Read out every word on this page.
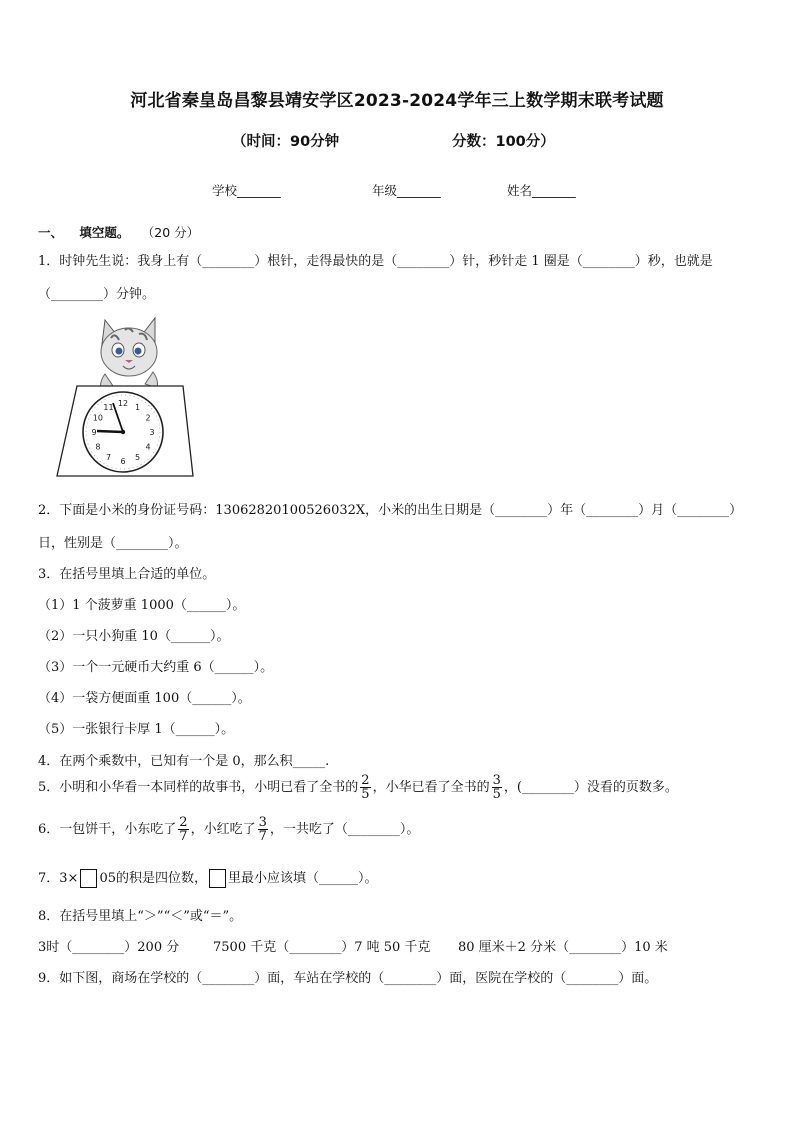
河北省秦皇岛昌黎县靖安学区2023-2024学年三上数学期末联考试题
（时间：90分钟	分数：100分）
学校_______	年级_______	姓名_______
一、 填空题。 （20 分）
1．时钟先生说：我身上有（________）根针，走得最快的是（________）针，秒针走 1 圈是（________）秒，也就是
（________）分钟。
12 1
2
3
4
5
6
7
8
9
10
11
2．下面是小米的身份证号码：13062820100526032X，小米的出生日期是（________）年（________）月（________）
日，性别是（________）。
3．在括号里填上合适的单位。
（1）1 个菠萝重 1000（______）。
（2）一只小狗重 10（______）。
（3）一个一元硬币大约重 6（______）。
（4）一袋方便面重 100（______）。
（5）一张银行卡厚 1（______）。
4．在两个乘数中，已知有一个是 0，那么积_____.
5．小明和小华看一本同样的故事书，小明已看了全书的 $\frac{2}{5}$ ，小华已看了全书的 $\frac{3}{5}$ ，(________）没看的页数多。
6．一包饼干，小东吃了 $\frac{2}{7}$ ，小红吃了 $\frac{3}{7}$ ，一共吃了（________）。
7．3× 05的积是四位数， 里最小应该填（______）。
8．在括号里填上“＞”“＜”或“＝”。
3时（________）200 分	7500 千克（________）7 吨 50 千克 80 厘米＋2 分米（________）10 米
9．如下图，商场在学校的（________）面，车站在学校的（________）面，医院在学校的（________）面。
